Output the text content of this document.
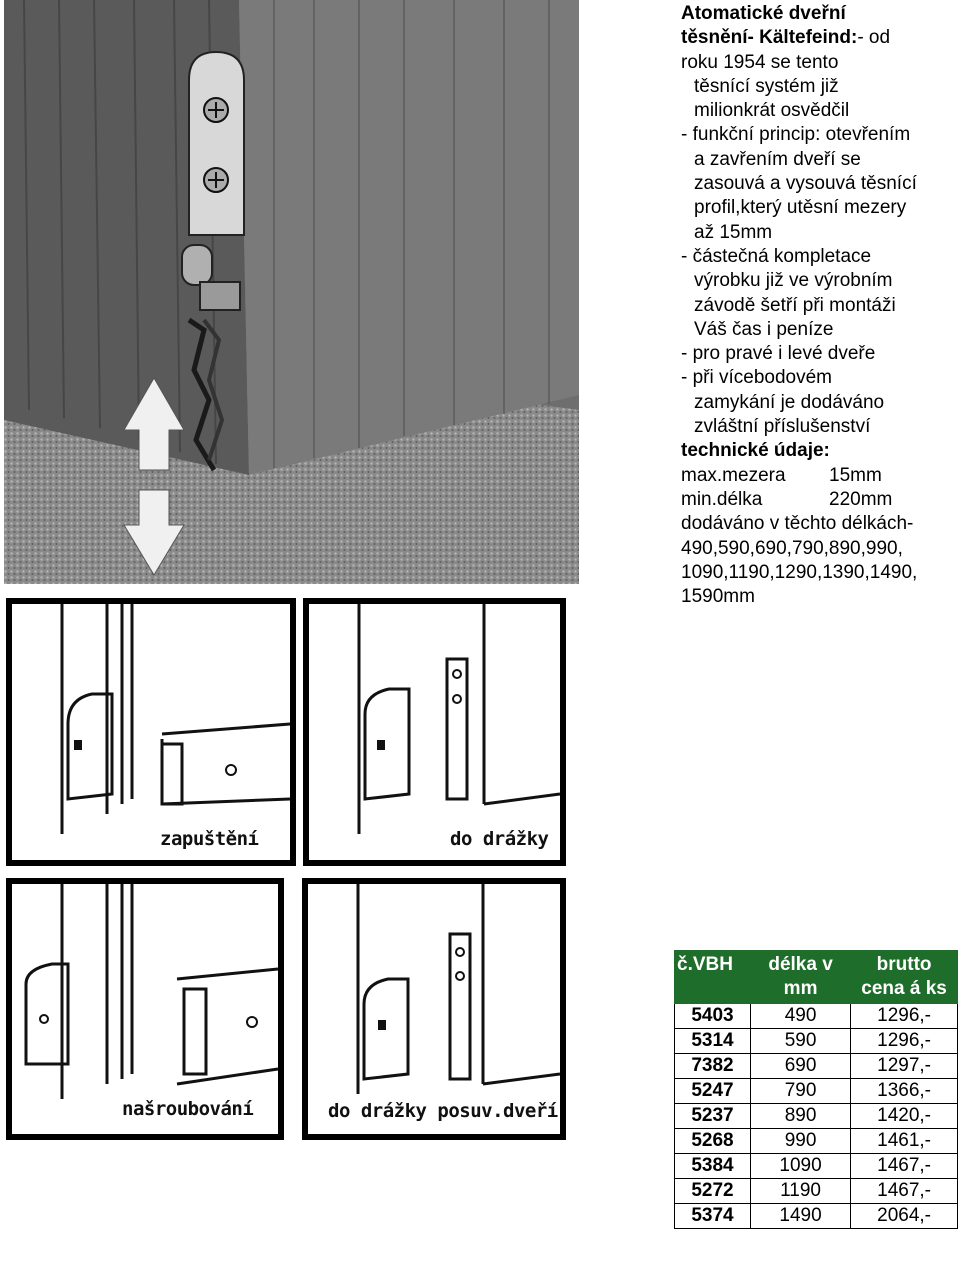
Atomatické dveřní
těsnění- Kältefeind:- od
roku 1954 se tento
těsnící systém již
milionkrát osvědčil
- funkční princip: otevřením
a zavřením dveří se
zasouvá a vysouvá těsnící
profil,který utěsní mezery
až 15mm
- částečná kompletace
výrobku již ve výrobním
závodě šetří při montáži
Váš čas i peníze
- pro pravé i levé dveře
- při vícebodovém
zamykání je dodáváno
zvláštní příslušenství
technické údaje:
max.mezera 15mm
min.délka	220mm
dodáváno v těchto délkách-
490,590,690,790,890,990,
1090,1190,1290,1390,1490,
1590mm
zapuštění	do drážky
našroubování	do drážky posuv.dveří
č.VBH	délka v mm	brutto cena á ks
5403	490	1296,-
5314	590	1296,-
7382	690	1297,-
5247	790	1366,-
5237	890	1420,-
5268	990	1461,-
5384	1090	1467,-
5272	1190	1467,-
5374	1490	2064,-
